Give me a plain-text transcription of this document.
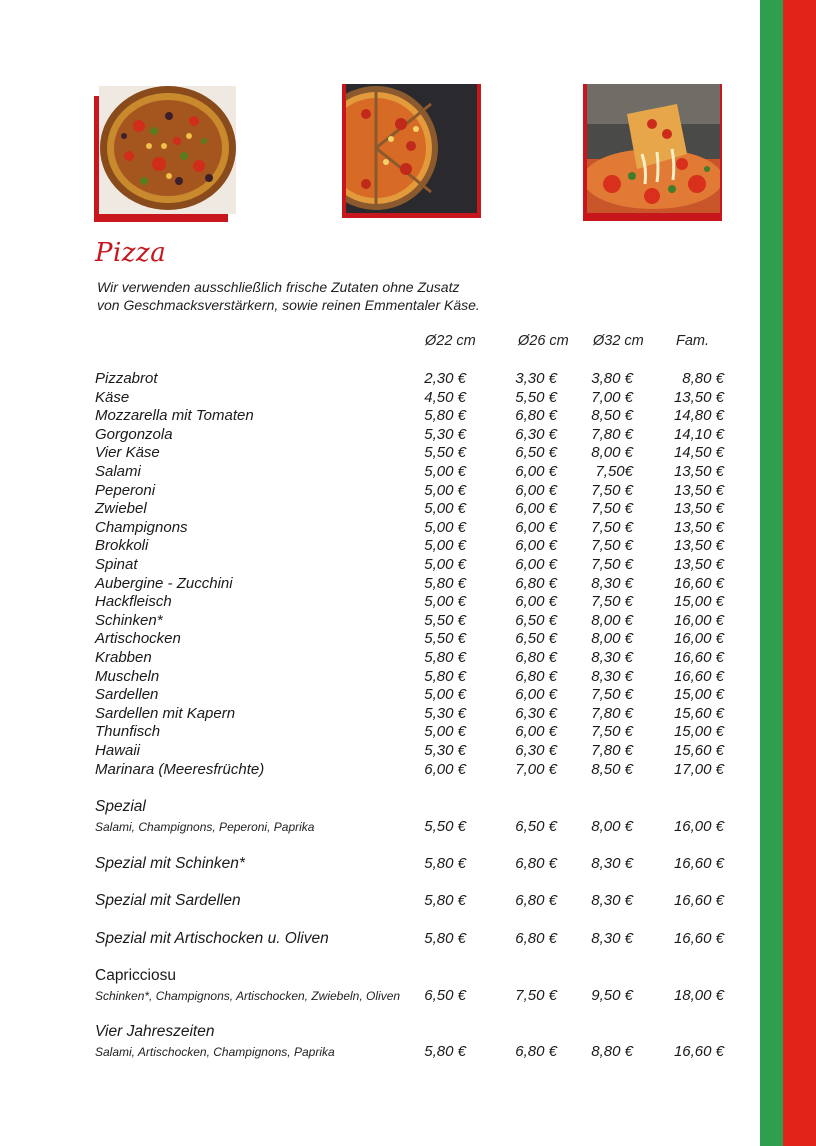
Pizza
Wir verwenden ausschließlich frische Zutaten ohne Zusatz
von Geschmacksverstärkern, sowie reinen Emmentaler Käse.
Ø22 cm	Ø26 cm Ø32 cm Fam.
Pizzabrot	2,30 €	3,30 € 3,80 €	8,80 €
Käse	4,50 €	5,50 € 7,00 €	13,50 €
Mozzarella mit Tomaten	5,80 €	6,80 € 8,50 €	14,80 €
Gorgonzola	5,30 €	6,30 € 7,80 €	14,10 €
Vier Käse	5,50 €	6,50 € 8,00 €	14,50 €
Salami	5,00 €	6,00 €	7,50€	13,50 €
Peperoni	5,00 €	6,00 € 7,50 €	13,50 €
Zwiebel	5,00 €	6,00 € 7,50 €	13,50 €
Champignons	5,00 €	6,00 € 7,50 €	13,50 €
Brokkoli	5,00 €	6,00 € 7,50 €	13,50 €
Spinat	5,00 €	6,00 € 7,50 €	13,50 €
Aubergine - Zucchini	5,80 €	6,80 € 8,30 €	16,60 €
Hackfleisch	5,00 €	6,00 € 7,50 €	15,00 €
Schinken*	5,50 €	6,50 € 8,00 €	16,00 €
Artischocken	5,50 €	6,50 € 8,00 €	16,00 €
Krabben	5,80 €	6,80 € 8,30 €	16,60 €
Muscheln	5,80 €	6,80 € 8,30 €	16,60 €
Sardellen	5,00 €	6,00 € 7,50 €	15,00 €
Sardellen mit Kapern	5,30 €	6,30 € 7,80 €	15,60 €
Thunfisch	5,00 €	6,00 € 7,50 €	15,00 €
Hawaii	5,30 €	6,30 € 7,80 €	15,60 €
Marinara (Meeresfrüchte)	6,00 €	7,00 € 8,50 €	17,00 €
Spezial
Salami, Champignons, Peperoni, Paprika	5,50 €	6,50 € 8,00 €	16,00 €
Spezial mit Schinken*	5,80 €	6,80 € 8,30 €	16,60 €
Spezial mit Sardellen	5,80 €	6,80 € 8,30 €	16,60 €
Spezial mit Artischocken u. Oliven	5,80 €	6,80 € 8,30 €	16,60 €
Capricciosu
Schinken*, Champignons, Artischocken, Zwiebeln, Oliven 6,50 €	7,50 € 9,50 €	18,00 €
Vier Jahreszeiten
Salami, Artischocken, Champignons, Paprika	5,80 €	6,80 € 8,80 €	16,60 €
